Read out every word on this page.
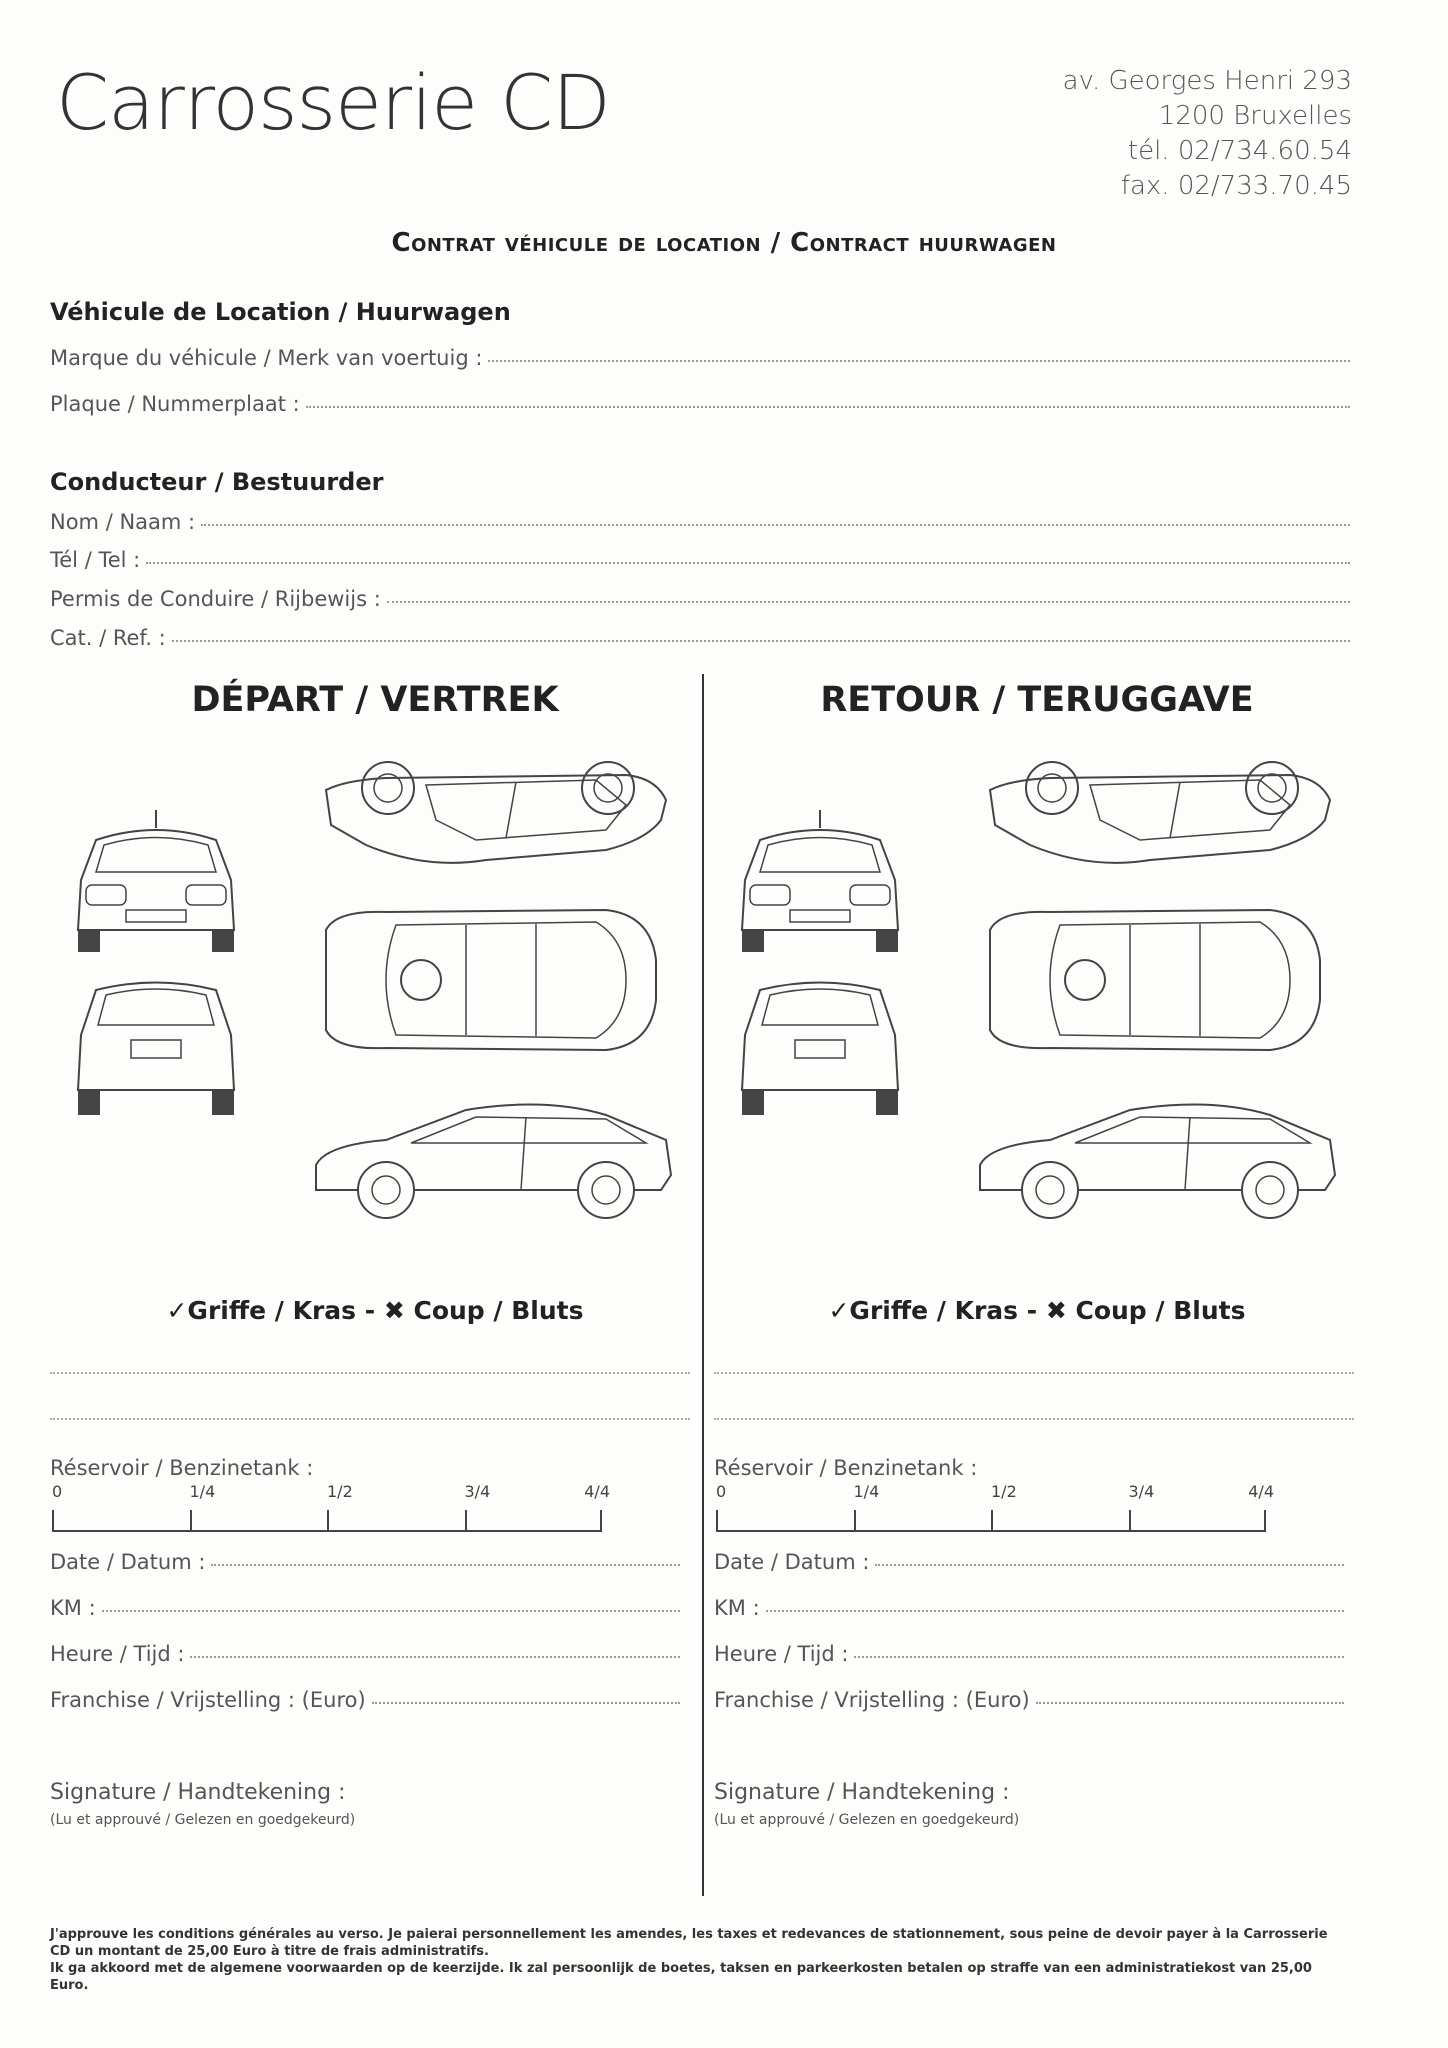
Carrosserie CD	av. Georges Henri 293
1200 Bruxelles
tél. 02/734.60.54
fax. 02/733.70.45
Contrat véhicule de location / Contract huurwagen
Véhicule de Location / Huurwagen
Marque du véhicule / Merk van voertuig :
Plaque / Nummerplaat :
Conducteur / Bestuurder
Nom / Naam :
Tél / Tel :
Permis de Conduire / Rijbewijs :
Cat. / Ref. :
DÉPART / VERTREK	RETOUR / TERUGGAVE
✓Griffe / Kras - ✖ Coup / Bluts	✓Griffe / Kras - ✖ Coup / Bluts
Réservoir / Benzinetank :
0	1/4	1/2	3/4	4/4
Réservoir / Benzinetank :
0	1/4	1/2	3/4	4/4
Date / Datum :
KM :
Heure / Tijd :
Franchise / Vrijstelling : (Euro)
Date / Datum :
KM :
Heure / Tijd :
Franchise / Vrijstelling : (Euro)
Signature / Handtekening :
(Lu et approuvé / Gelezen en goedgekeurd)
Signature / Handtekening :
(Lu et approuvé / Gelezen en goedgekeurd)
J'approuve les conditions générales au verso. Je paierai personnellement les amendes, les taxes et redevances de stationnement, sous peine de devoir payer à la Carrosserie CD un montant de 25,00 Euro à titre de frais administratifs.
Ik ga akkoord met de algemene voorwaarden op de keerzijde. Ik zal persoonlijk de boetes, taksen en parkeerkosten betalen op straffe van een administratiekost van 25,00 Euro.
